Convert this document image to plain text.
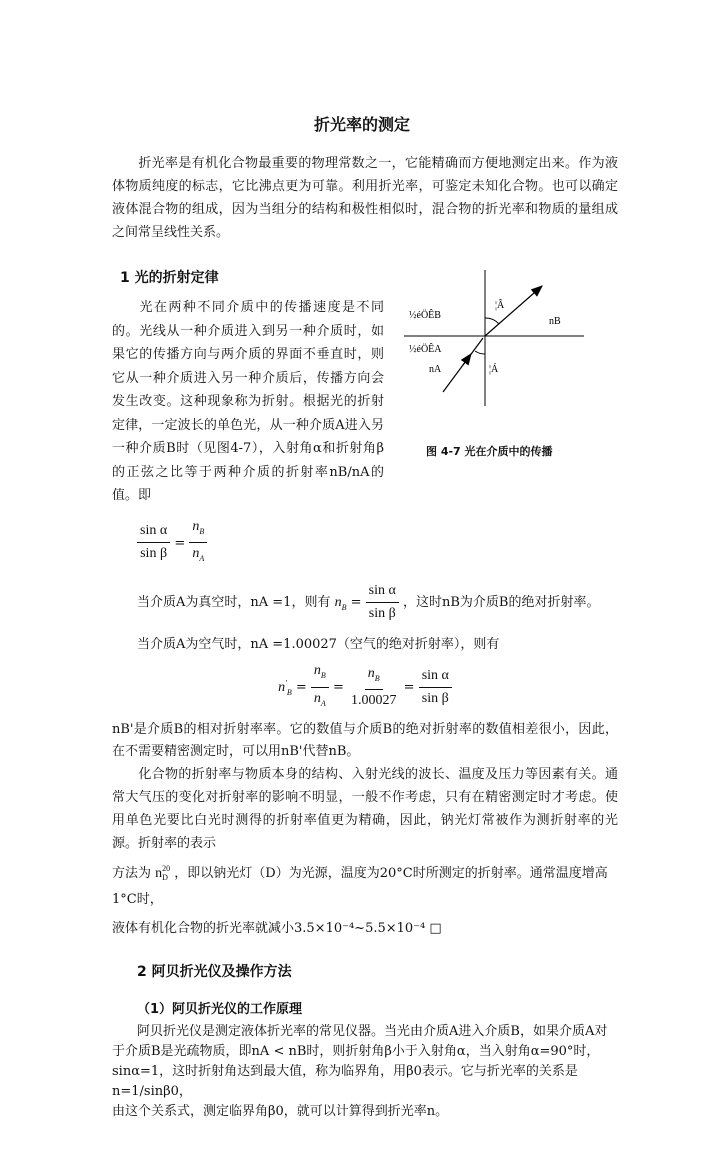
折光率的测定

折光率是有机化合物最重要的物理常数之一，它能精确而方便地测定出来。作为液体物质纯度的标志，它比沸点更为可靠。利用折光率，可鉴定未知化合物。也可以确定液体混合物的组成，因为当组分的结构和极性相似时，混合物的折光率和物质的量组成之间常呈线性关系。

1 光的折射定律

光在两种不同介质中的传播速度是不同的。光线从一种介质进入到另一种介质时，如果它的传播方向与两介质的界面不垂直时，则它从一种介质进入另一种介质后，传播方向会发生改变。这种现象称为折射。根据光的折射定律，一定波长的单色光，从一种介质A进入另一种介质B时（见图4-7），入射角α和折射角β的正弦之比等于两种介质的折射率nB/nA的值。即

$\frac{\text{sin α}}{\text{sin β}} = \frac{n_B}{n_A}$
½éÖÊB
½éÖÊA
nB
nA
¦Â
¦Á
图 4-7 光在介质中的传播
当介质A为真空时，nA =1，则有 $n_B = \frac{\text{sin α}}{\text{sin β}}$ ，这时nB为介质B的绝对折射率。
当介质A为空气时，nA =1.00027（空气的绝对折射率），则有
$n'_B = \frac{n_B}{n_A} = \frac{n_B}{1.00027} = \frac{\text{sin α}}{\text{sin β}}$

nB'是介质B的相对折射率率。它的数值与介质B的绝对折射率的数值相差很小，因此，在不需要精密测定时，可以用nB'代替nB。

化合物的折射率与物质本身的结构、入射光线的波长、温度及压力等因素有关。通常大气压的变化对折射率的影响不明显，一般不作考虑，只有在精密测定时才考虑。使用单色光要比白光时测得的折射率值更为精确，因此，钠光灯常被作为测折射率的光源。折射率的表示

方法为 n 20
D ，即以钠光灯（D）为光源，温度为20°C时所测定的折射率。通常温度增高1°C时，
液体有机化合物的折光率就减小3.5×10⁻⁴~5.5×10⁻⁴ □
2 阿贝折光仪及操作方法
（1）阿贝折光仪的工作原理
阿贝折光仪是测定液体折光率的常见仪器。当光由介质A进入介质B，如果介质A对
于介质B是光疏物质，即nA < nB时，则折射角β小于入射角α，当入射角α=90°时，
sinα=1，这时折射角达到最大值，称为临界角，用β0表示。它与折光率的关系是n=1/sinβ0，
由这个关系式，测定临界角β0，就可以计算得到折光率n。
